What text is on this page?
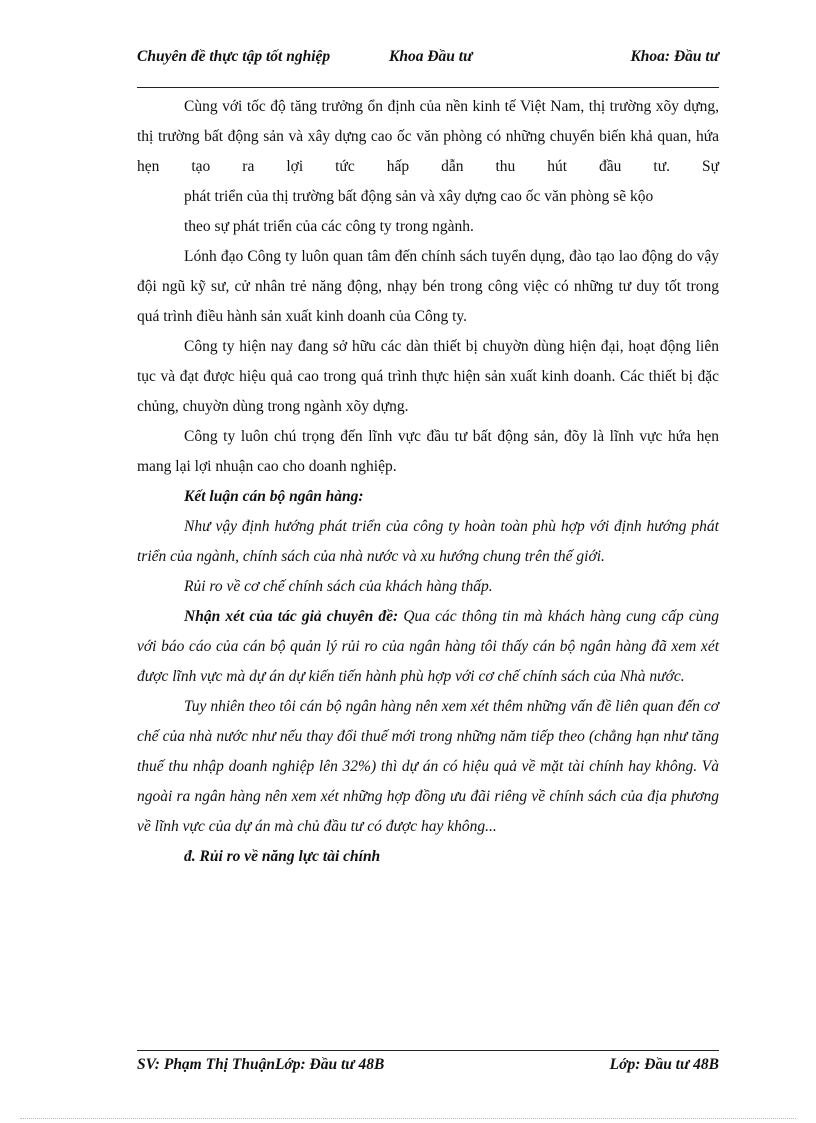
Chuyên đề thực tập tốt nghiệp	Khoa Đầu tư	Khoa: Đầu tư

Cùng với tốc độ tăng trưởng ổn định của nền kinh tế Việt Nam, thị trường xõy dựng, thị trường bất động sản và xây dựng cao ốc văn phòng có những chuyển biến khả quan, hứa hẹn tạo ra lợi tức hấp dẫn thu hút đầu tư. Sự

phát triển của thị trường bất động sản và xây dựng cao ốc văn phòng sẽ kộo

theo sự phát triển của các công ty trong ngành.

Lónh đạo Công ty luôn quan tâm đến chính sách tuyển dụng, đào tạo lao động do vậy đội ngũ kỹ sư, cử nhân trẻ năng động, nhạy bén trong công việc có những tư duy tốt trong quá trình điều hành sản xuất kinh doanh của Công ty.

Công ty hiện nay đang sở hữu các dàn thiết bị chuyờn dùng hiện đại, hoạt động liên tục và đạt được hiệu quả cao trong quá trình thực hiện sản xuất kinh doanh. Các thiết bị đặc chủng, chuyờn dùng trong ngành xõy dựng.

Công ty luôn chú trọng đến lĩnh vực đầu tư bất động sản, đõy là lĩnh vực hứa hẹn mang lại lợi nhuận cao cho doanh nghiệp.

Kết luận cán bộ ngân hàng:

Như vậy định hướng phát triển của công ty hoàn toàn phù hợp với định hướng phát triển của ngành, chính sách của nhà nước và xu hướng chung trên thế giới.

Rủi ro về cơ chế chính sách của khách hàng thấp.

Nhận xét của tác giả chuyên đề: Qua các thông tin mà khách hàng cung cấp cùng với báo cáo của cán bộ quản lý rủi ro của ngân hàng tôi thấy cán bộ ngân hàng đã xem xét được lĩnh vực mà dự án dự kiến tiến hành phù hợp với cơ chế chính sách của Nhà nước.

Tuy nhiên theo tôi cán bộ ngân hàng nên xem xét thêm những vấn đề liên quan đến cơ chế của nhà nước như nếu thay đổi thuế mới trong những năm tiếp theo (chẳng hạn như tăng thuế thu nhập doanh nghiệp lên 32%) thì dự án có hiệu quả về mặt tài chính hay không. Và ngoài ra ngân hàng nên xem xét những hợp đồng ưu đãi riêng về chính sách của địa phương về lĩnh vực của dự án mà chủ đầu tư có được hay không...

đ. Rủi ro về năng lực tài chính

SV: Phạm Thị ThuậnLớp: Đầu tư 48B	Lớp: Đầu tư 48B
